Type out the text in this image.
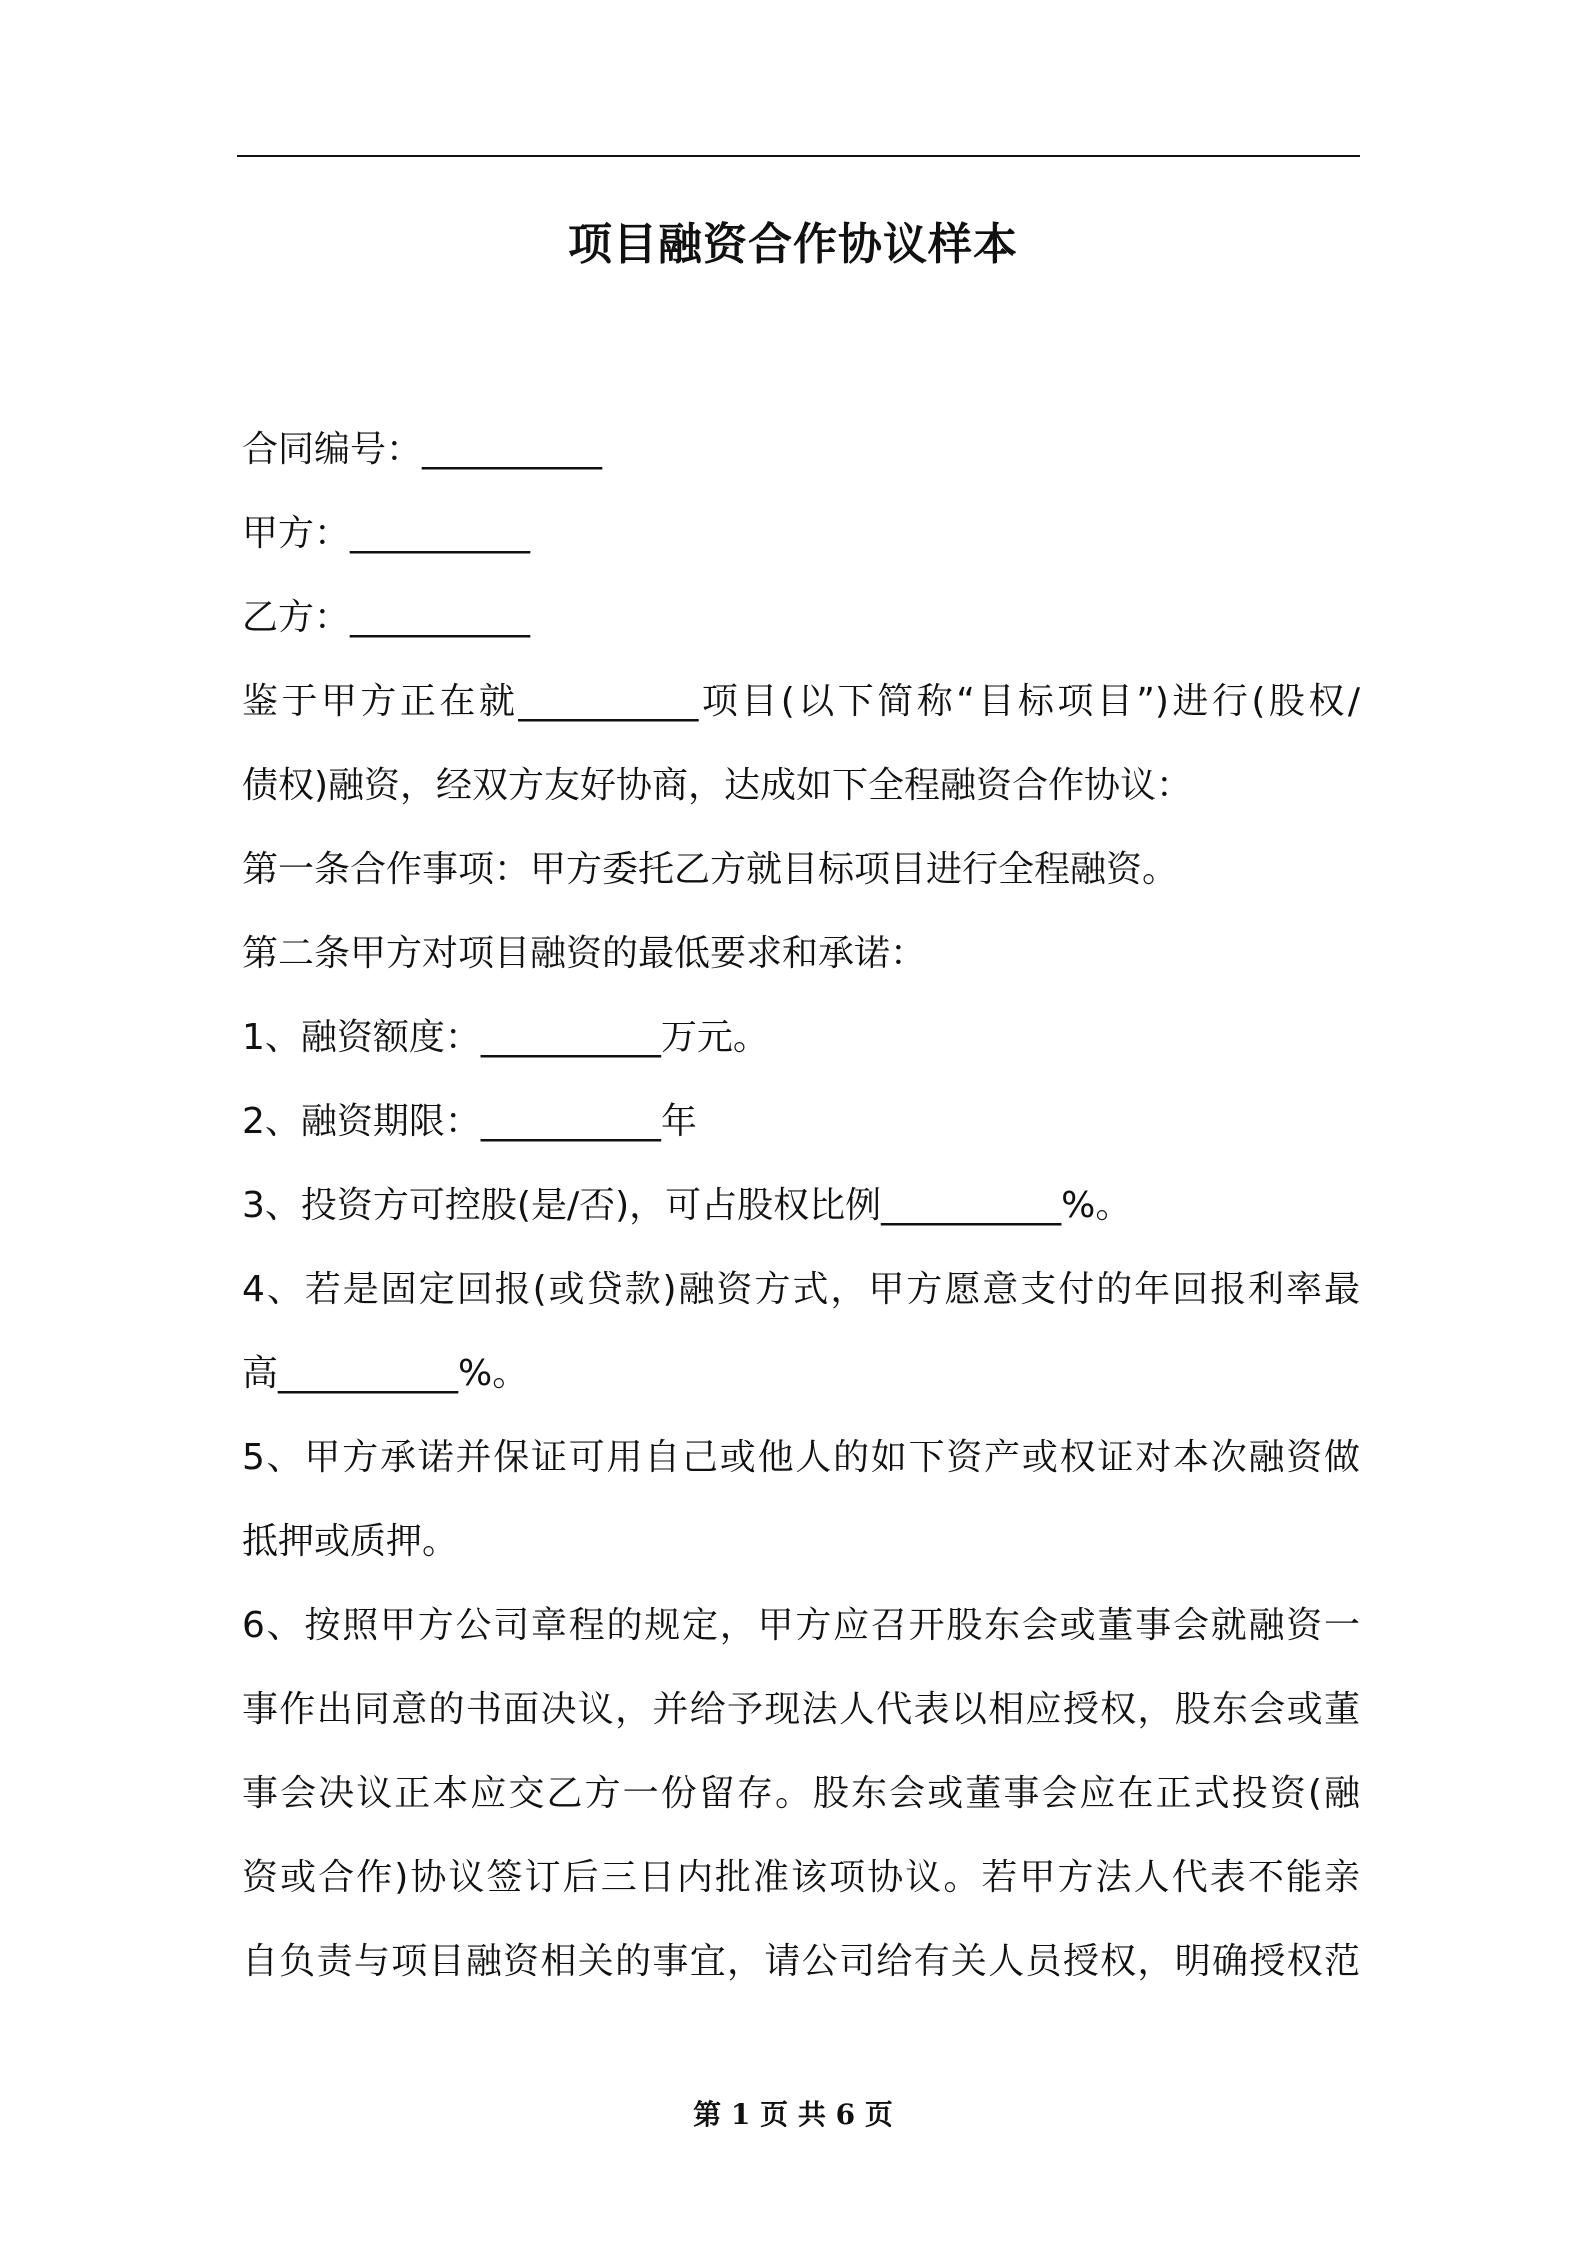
项目融资合作协议样本
合同编号：__________
甲方：__________
乙方：__________
鉴于甲方正在就__________项目(以下简称“目标项目”)进行(股权/
债权)融资，经双方友好协商，达成如下全程融资合作协议：
第一条合作事项：甲方委托乙方就目标项目进行全程融资。
第二条甲方对项目融资的最低要求和承诺：
1、融资额度：__________万元。
2、融资期限：__________年
3、投资方可控股(是/否)，可占股权比例__________%。
4、若是固定回报(或贷款)融资方式，甲方愿意支付的年回报利率最
高__________%。
5、甲方承诺并保证可用自己或他人的如下资产或权证对本次融资做
抵押或质押。
6、按照甲方公司章程的规定，甲方应召开股东会或董事会就融资一
事作出同意的书面决议，并给予现法人代表以相应授权，股东会或董
事会决议正本应交乙方一份留存。股东会或董事会应在正式投资(融
资或合作)协议签订后三日内批准该项协议。若甲方法人代表不能亲
自负责与项目融资相关的事宜，请公司给有关人员授权，明确授权范
第 1 页 共 6 页
